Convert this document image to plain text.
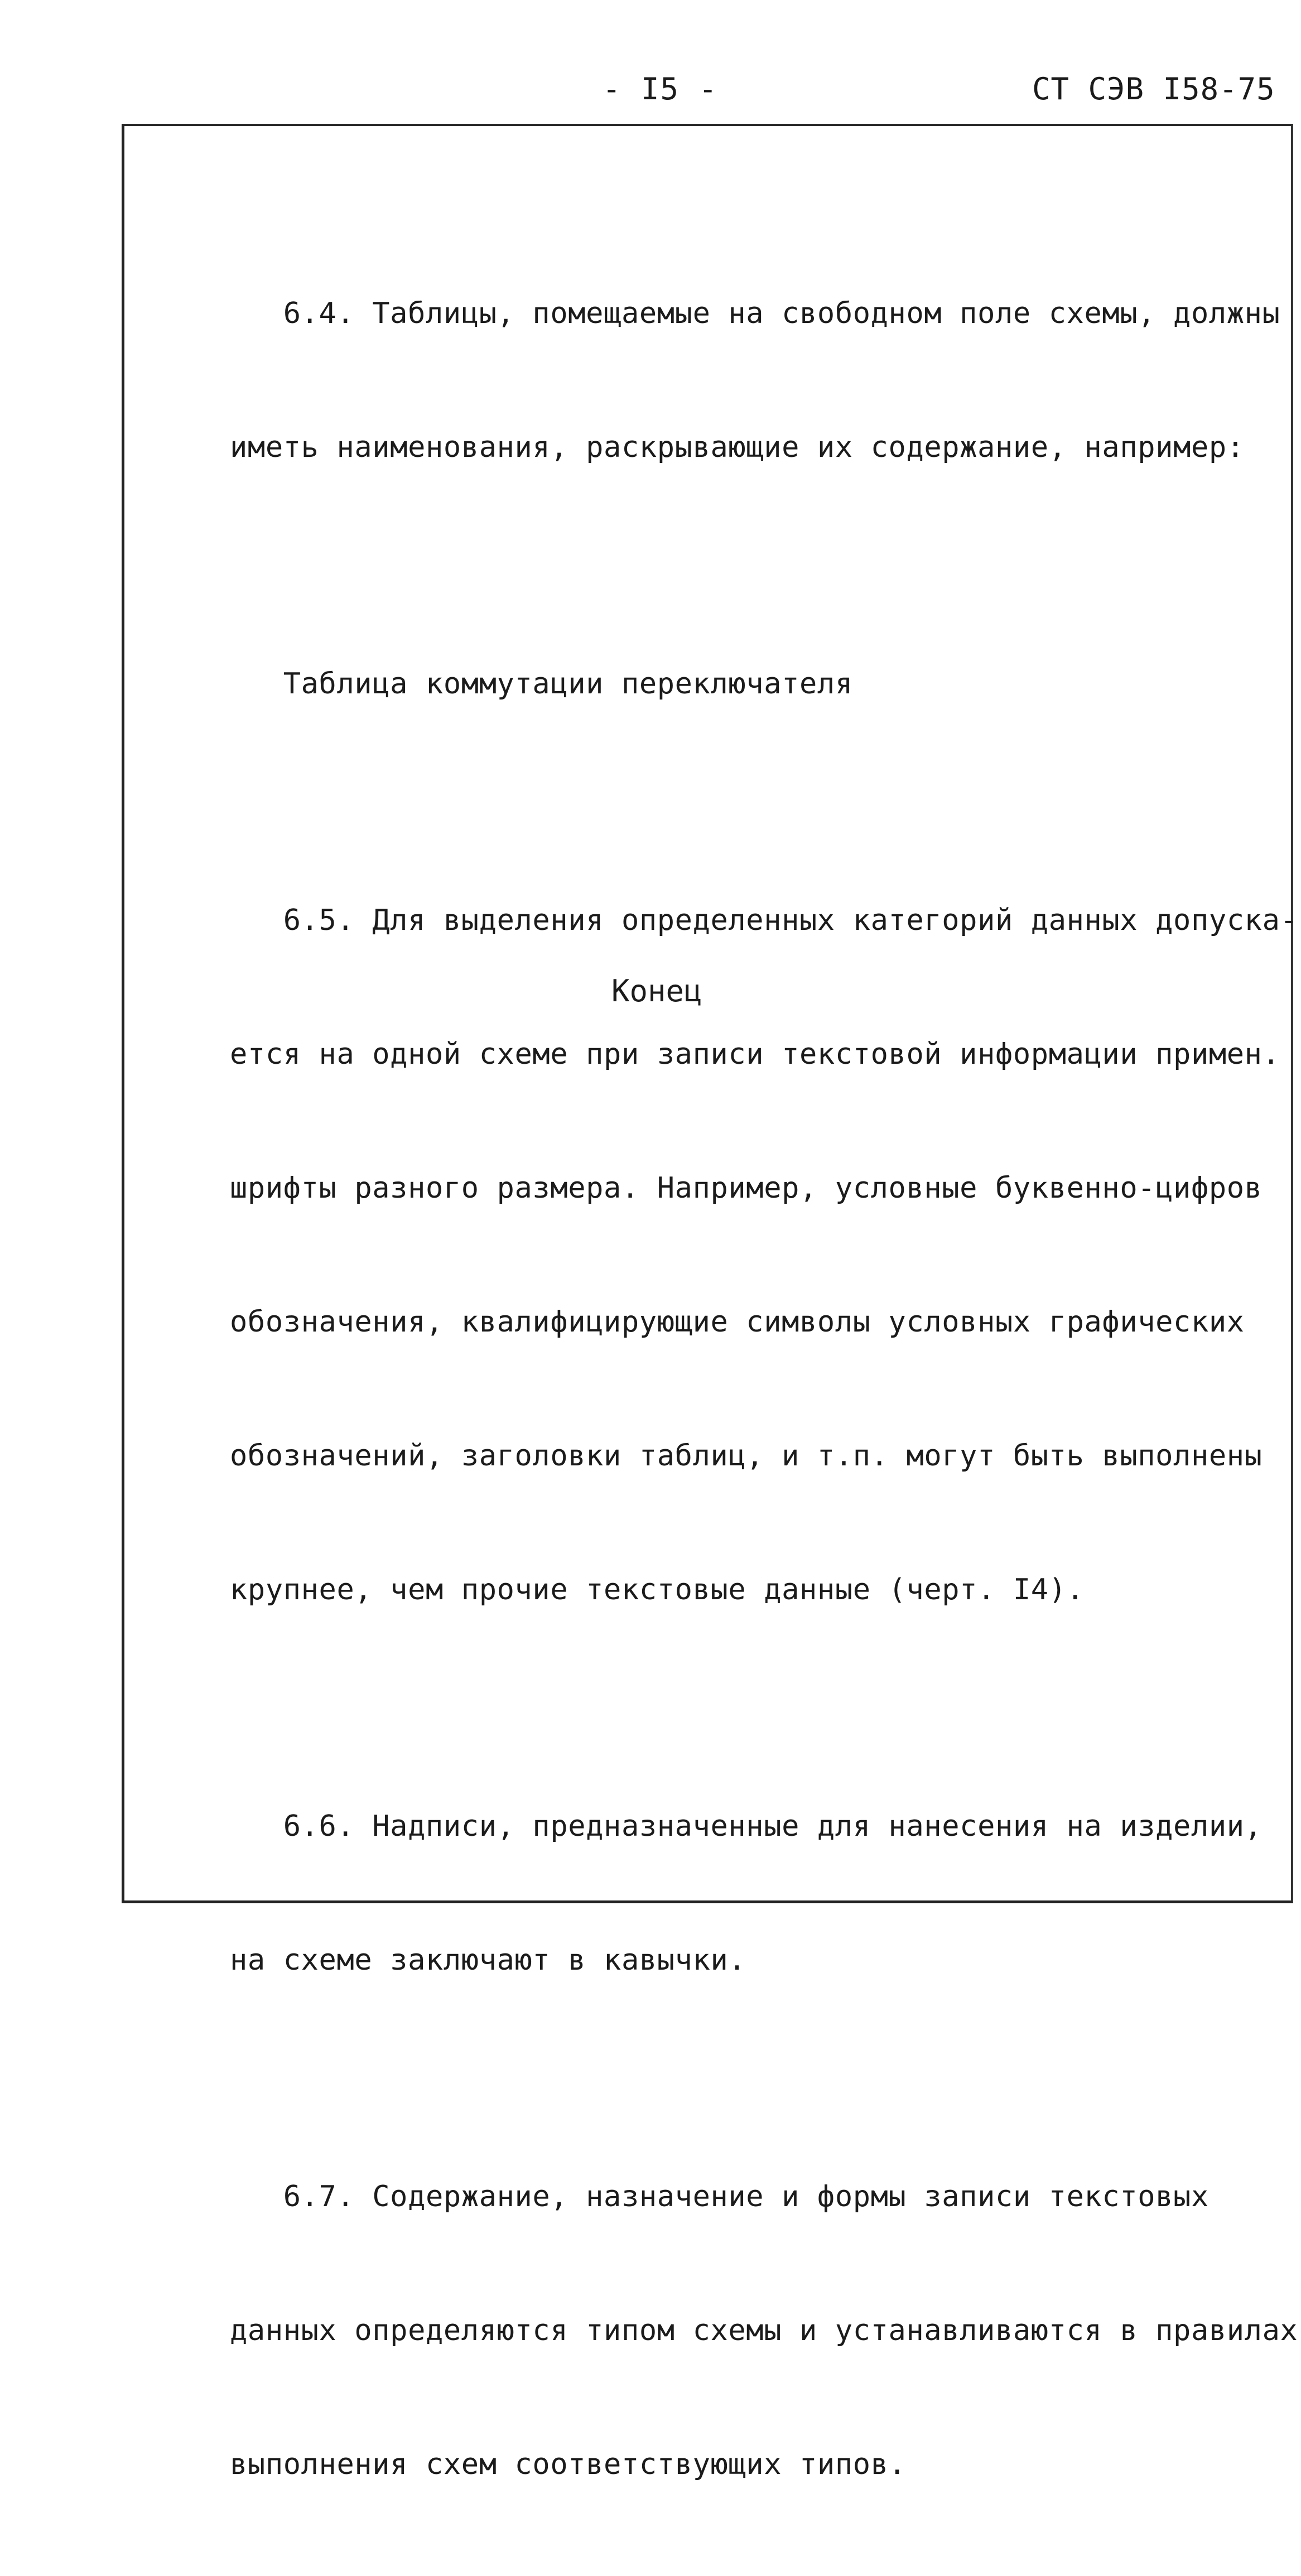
- I5 -	СТ СЭВ I58-75

6.4. Таблицы, помещаемые на свободном поле схемы, должны

иметь наименования, раскрывающие их содержание, например:

Таблица коммутации переключателя

6.5. Для выделения определенных категорий данных допуска-

ется на одной схеме при записи текстовой информации примен.

шрифты разного размера. Например, условные буквенно-цифров

обозначения, квалифицирующие символы условных графических

обозначений, заголовки таблиц, и т.п. могут быть выполнены

крупнее, чем прочие текстовые данные (черт. I4).

6.6. Надписи, предназначенные для нанесения на изделии,

на схеме заключают в кавычки.

6.7. Содержание, назначение и формы записи текстовых

данных определяются типом схемы и устанавливаются в правилах

выполнения схем соответствующих типов.

Конец
